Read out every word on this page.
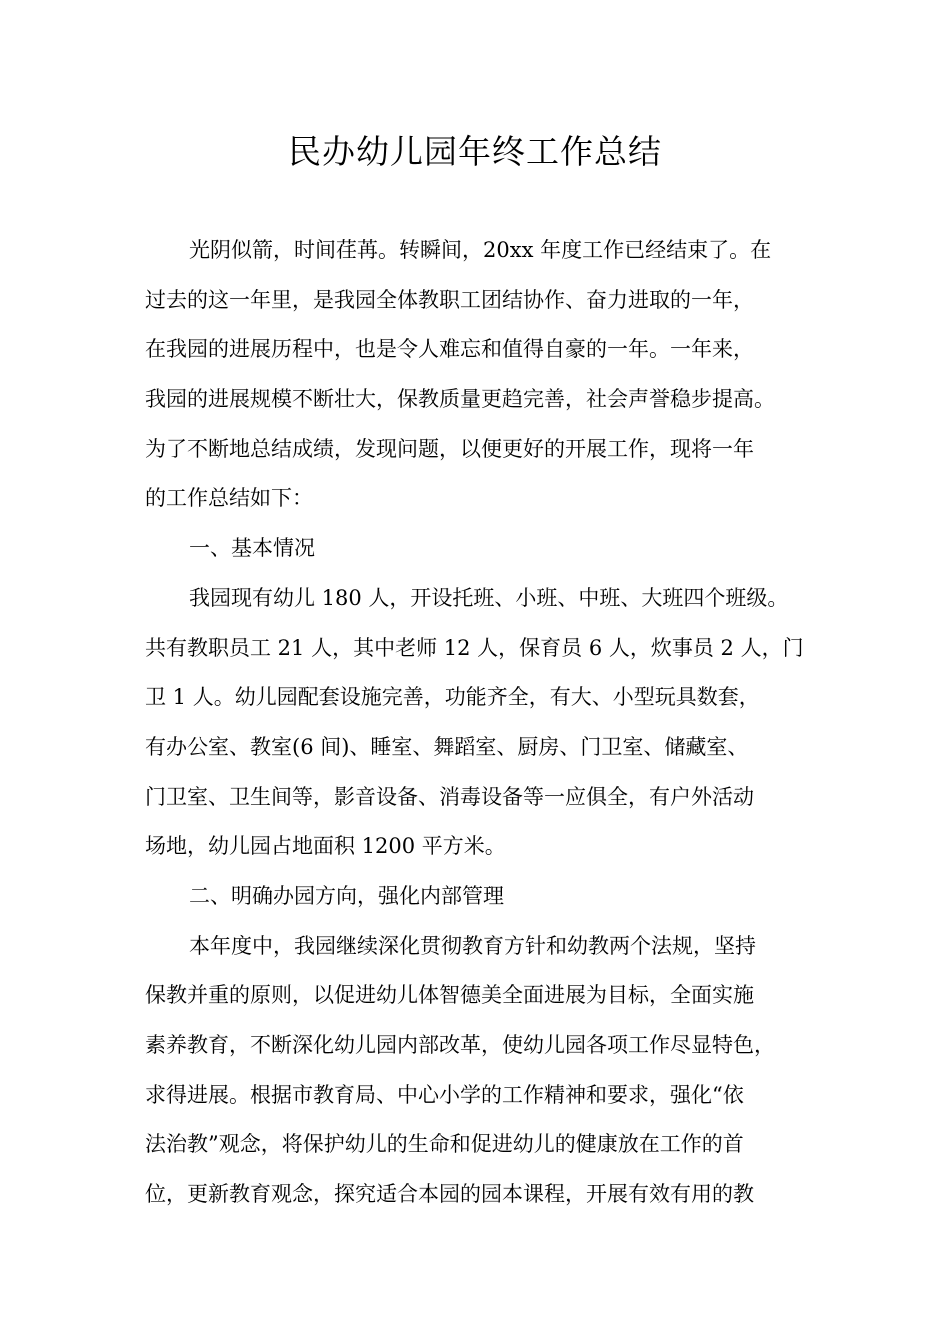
民办幼儿园年终工作总结

光阴似箭，时间荏苒。转瞬间，20xx 年度工作已经结束了。在

过去的这一年里，是我园全体教职工团结协作、奋力进取的一年，

在我园的进展历程中，也是令人难忘和值得自豪的一年。一年来，

我园的进展规模不断壮大，保教质量更趋完善，社会声誉稳步提高。

为了不断地总结成绩，发现问题，以便更好的开展工作，现将一年

的工作总结如下：

一、基本情况

我园现有幼儿 180 人，开设托班、小班、中班、大班四个班级。

共有教职员工 21 人，其中老师 12 人，保育员 6 人，炊事员 2 人，门

卫 1 人。幼儿园配套设施完善，功能齐全，有大、小型玩具数套，

有办公室、教室(6 间)、睡室、舞蹈室、厨房、门卫室、储藏室、

门卫室、卫生间等，影音设备、消毒设备等一应俱全，有户外活动

场地，幼儿园占地面积 1200 平方米。

二、明确办园方向，强化内部管理

本年度中，我园继续深化贯彻教育方针和幼教两个法规，坚持

保教并重的原则，以促进幼儿体智德美全面进展为目标，全面实施

素养教育，不断深化幼儿园内部改革，使幼儿园各项工作尽显特色，

求得进展。根据市教育局、中心小学的工作精神和要求，强化“依

法治教”观念，将保护幼儿的生命和促进幼儿的健康放在工作的首

位，更新教育观念，探究适合本园的园本课程，开展有效有用的教
